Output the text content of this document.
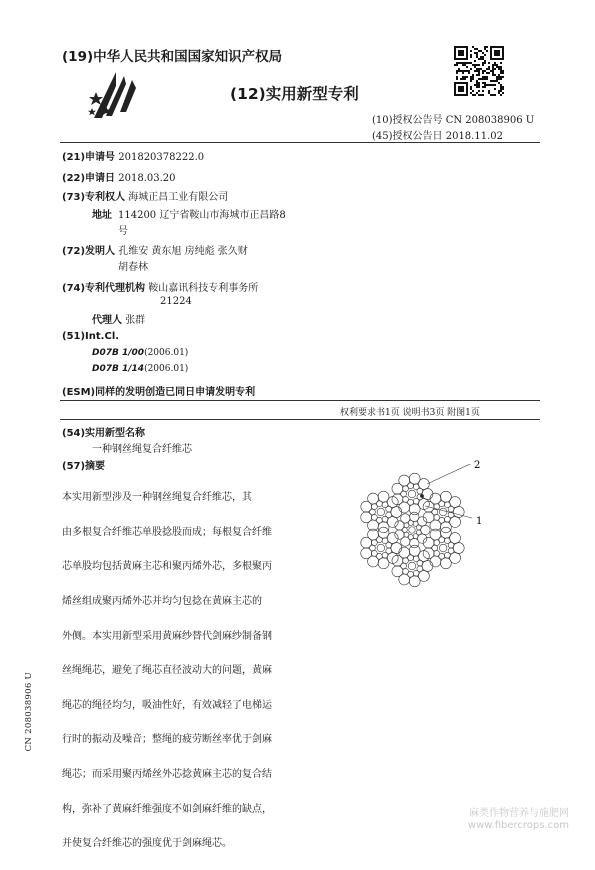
(19)中华人民共和国国家知识产权局
(12)实用新型专利
(10)授权公告号 CN 208038906 U
(45)授权公告日 2018.11.02
(21)申请号 201820378222.0
(22)申请日 2018.03.20
(73)专利权人 海城正昌工业有限公司
地址 114200 辽宁省鞍山市海城市正昌路8
号
(72)发明人 孔维安 黄东旭 房纯彪 张久财
胡春林
(74)专利代理机构 鞍山嘉讯科技专利事务所
21224
代理人 张群
(51)Int.Cl.
D07B 1/00(2006.01)
D07B 1/14(2006.01)
(ESM)同样的发明创造已同日申请发明专利
权利要求书1页 说明书3页 附图1页
(54)实用新型名称
一种钢丝绳复合纤维芯
(57)摘要

本实用新型涉及一种钢丝绳复合纤维芯，其

由多根复合纤维芯单股捻股而成；每根复合纤维

芯单股均包括黄麻主芯和聚丙烯外芯，多根聚丙

烯丝组成聚丙烯外芯并均匀包捻在黄麻主芯的

外侧。本实用新型采用黄麻纱替代剑麻纱制备钢

丝绳绳芯，避免了绳芯直径波动大的问题，黄麻

绳芯的绳径均匀，吸油性好，有效减轻了电梯运

行时的振动及噪音；整绳的疲劳断丝率优于剑麻

绳芯；而采用聚丙烯丝外芯捻黄麻主芯的复合结

构，弥补了黄麻纤维强度不如剑麻纤维的缺点，

并使复合纤维芯的强度优于剑麻绳芯。

2
1
CN 208038906 U
麻类作物营养与施肥网
www.fibercrops.com
